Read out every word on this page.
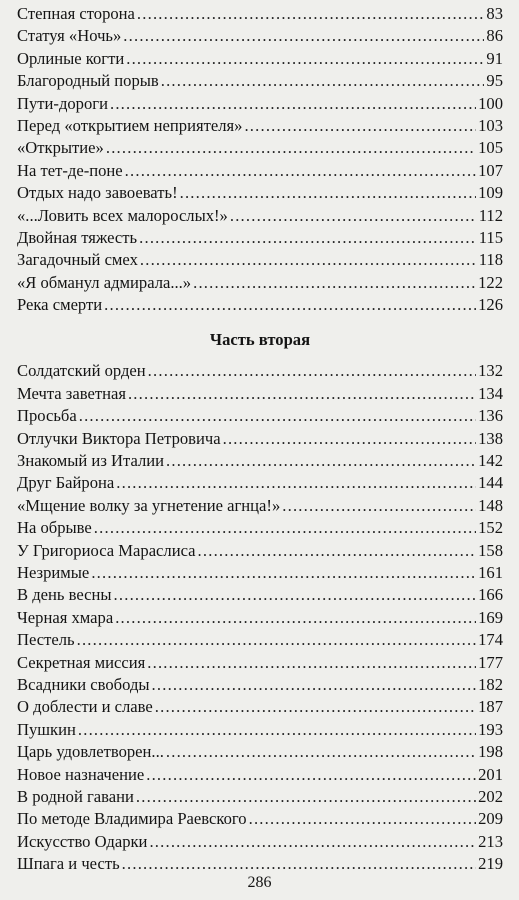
Степная сторона .....	83
Статуя «Ночь» .....	86
Орлиные когти .....	91
Благородный порыв .....	95
Пути-дороги .....	100
Перед «открытием неприятеля» .....	103
«Открытие» .....	105
На тет-де-поне .....	107
Отдых надо завоевать! .....	109
«...Ловить всех малорослых!» .....	112
Двойная тяжесть .....	115
Загадочный смех .....	118
«Я обманул адмирала...» .....	122
Река смерти .....	126
Часть вторая
Солдатский орден .....	132
Мечта заветная .....	134
Просьба .....	136
Отлучки Виктора Петровича .....	138
Знакомый из Италии .....	142
Друг Байрона .....	144
«Мщение волку за угнетение агнца!» .....	148
На обрыве .....	152
У Григориоса Мараслиса .....	158
Незримые .....	161
В день весны .....	166
Черная хмара .....	169
Пестель .....	174
Секретная миссия .....	177
Всадники свободы .....	182
О доблести и славе .....	187
Пушкин .....	193
Царь удовлетворен... .....	198
Новое назначение .....	201
В родной гавани .....	202
По методе Владимира Раевского .....	209
Искусство Одарки .....	213
Шпага и честь .....	219
286
